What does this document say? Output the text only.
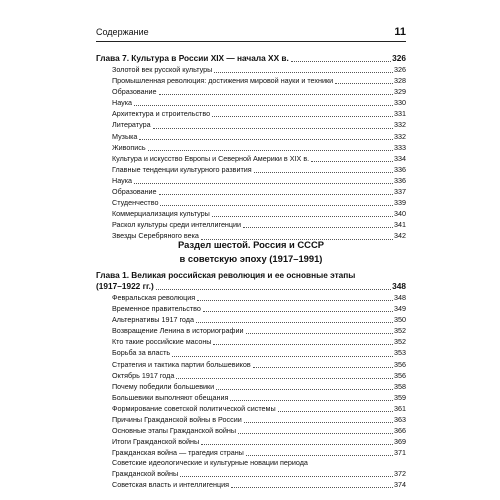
Содержание	11
Глава 7. Культура в России XIX — начала XX в.	326
Золотой век русской культуры	326
Промышленная революция: достижения мировой науки и техники	328
Образование	329
Наука	330
Архитектура и строительство	331
Литература	332
Музыка	332
Живопись	333
Культура и искусство Европы и Северной Америки в XIX в.	334
Главные тенденции культурного развития	336
Наука	336
Образование	337
Студенчество	339
Коммерциализация культуры	340
Раскол культуры среди интеллигенции	341
Звезды Серебряного века	342
Раздел шестой. Россия и СССР
в советскую эпоху (1917–1991)
Глава 1. Великая российская революция и ее основные этапы
(1917–1922 гг.)	348
Февральская революция	348
Временное правительство	349
Альтернативы 1917 года	350
Возвращение Ленина в историографии	352
Кто такие российские масоны	352
Борьба за власть	353
Стратегия и тактика партии большевиков	356
Октябрь 1917 года	356
Почему победили большевики	358
Большевики выполняют обещания	359
Формирование советской политической системы	361
Причины Гражданской войны в России	363
Основные этапы Гражданской войны	366
Итоги Гражданской войны	369
Гражданская война — трагедия страны	371
Советские идеологические и культурные новации периода
Гражданской войны	372
Советская власть и интеллигенция	374
